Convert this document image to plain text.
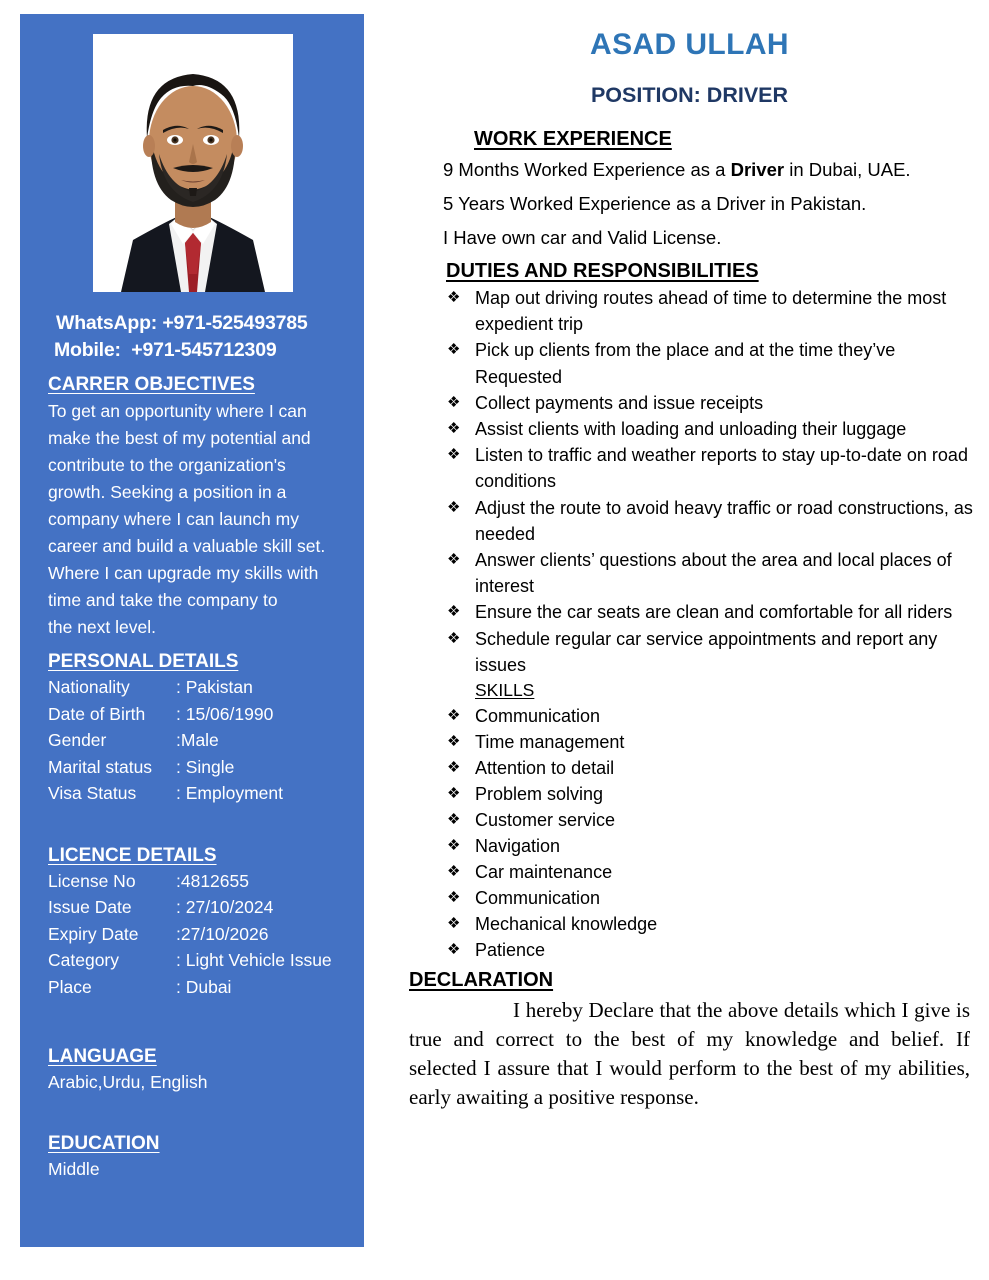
WhatsApp: +971-525493785
Mobile:  +971-545712309
CARRER OBJECTIVES
To get an opportunity where I can make the best of my potential and contribute to the organization's growth. Seeking a position in a company where I can launch my career and build a valuable skill set. Where I can upgrade my skills with time and take the company to
the next level.
PERSONAL DETAILS
Nationality	: Pakistan
Date of Birth : 15/06/1990
Gender	:Male
Marital status : Single
Visa Status : Employment
LICENCE DETAILS
License No :4812655
Issue Date	: 27/10/2024
Expiry Date :27/10/2026
Category	: Light Vehicle Issue
Place	: Dubai
LANGUAGE
Arabic,Urdu, English
EDUCATION
Middle
ASAD ULLAH
POSITION: DRIVER
WORK EXPERIENCE
9 Months Worked Experience as a Driver in Dubai, UAE.
5 Years Worked Experience as a Driver in Pakistan.
I Have own car and Valid License.
DUTIES AND RESPONSIBILITIES
❖ Map out driving routes ahead of time to determine the most expedient trip
❖ Pick up clients from the place and at the time they’ve Requested
❖ Collect payments and issue receipts
❖ Assist clients with loading and unloading their luggage
❖ Listen to traffic and weather reports to stay up-to-date on road conditions
❖ Adjust the route to avoid heavy traffic or road constructions, as needed
❖ Answer clients’ questions about the area and local places of interest
❖ Ensure the car seats are clean and comfortable for all riders
❖ Schedule regular car service appointments and report any issues
SKILLS
❖ Communication
❖ Time management
❖ Attention to detail
❖ Problem solving
❖ Customer service
❖ Navigation
❖ Car maintenance
❖ Communication
❖ Mechanical knowledge
❖ Patience
DECLARATION
I hereby Declare that the above details which I give is true and correct to the best of my knowledge and belief. If selected I assure that I would perform to the best of my abilities, early awaiting a positive response.
